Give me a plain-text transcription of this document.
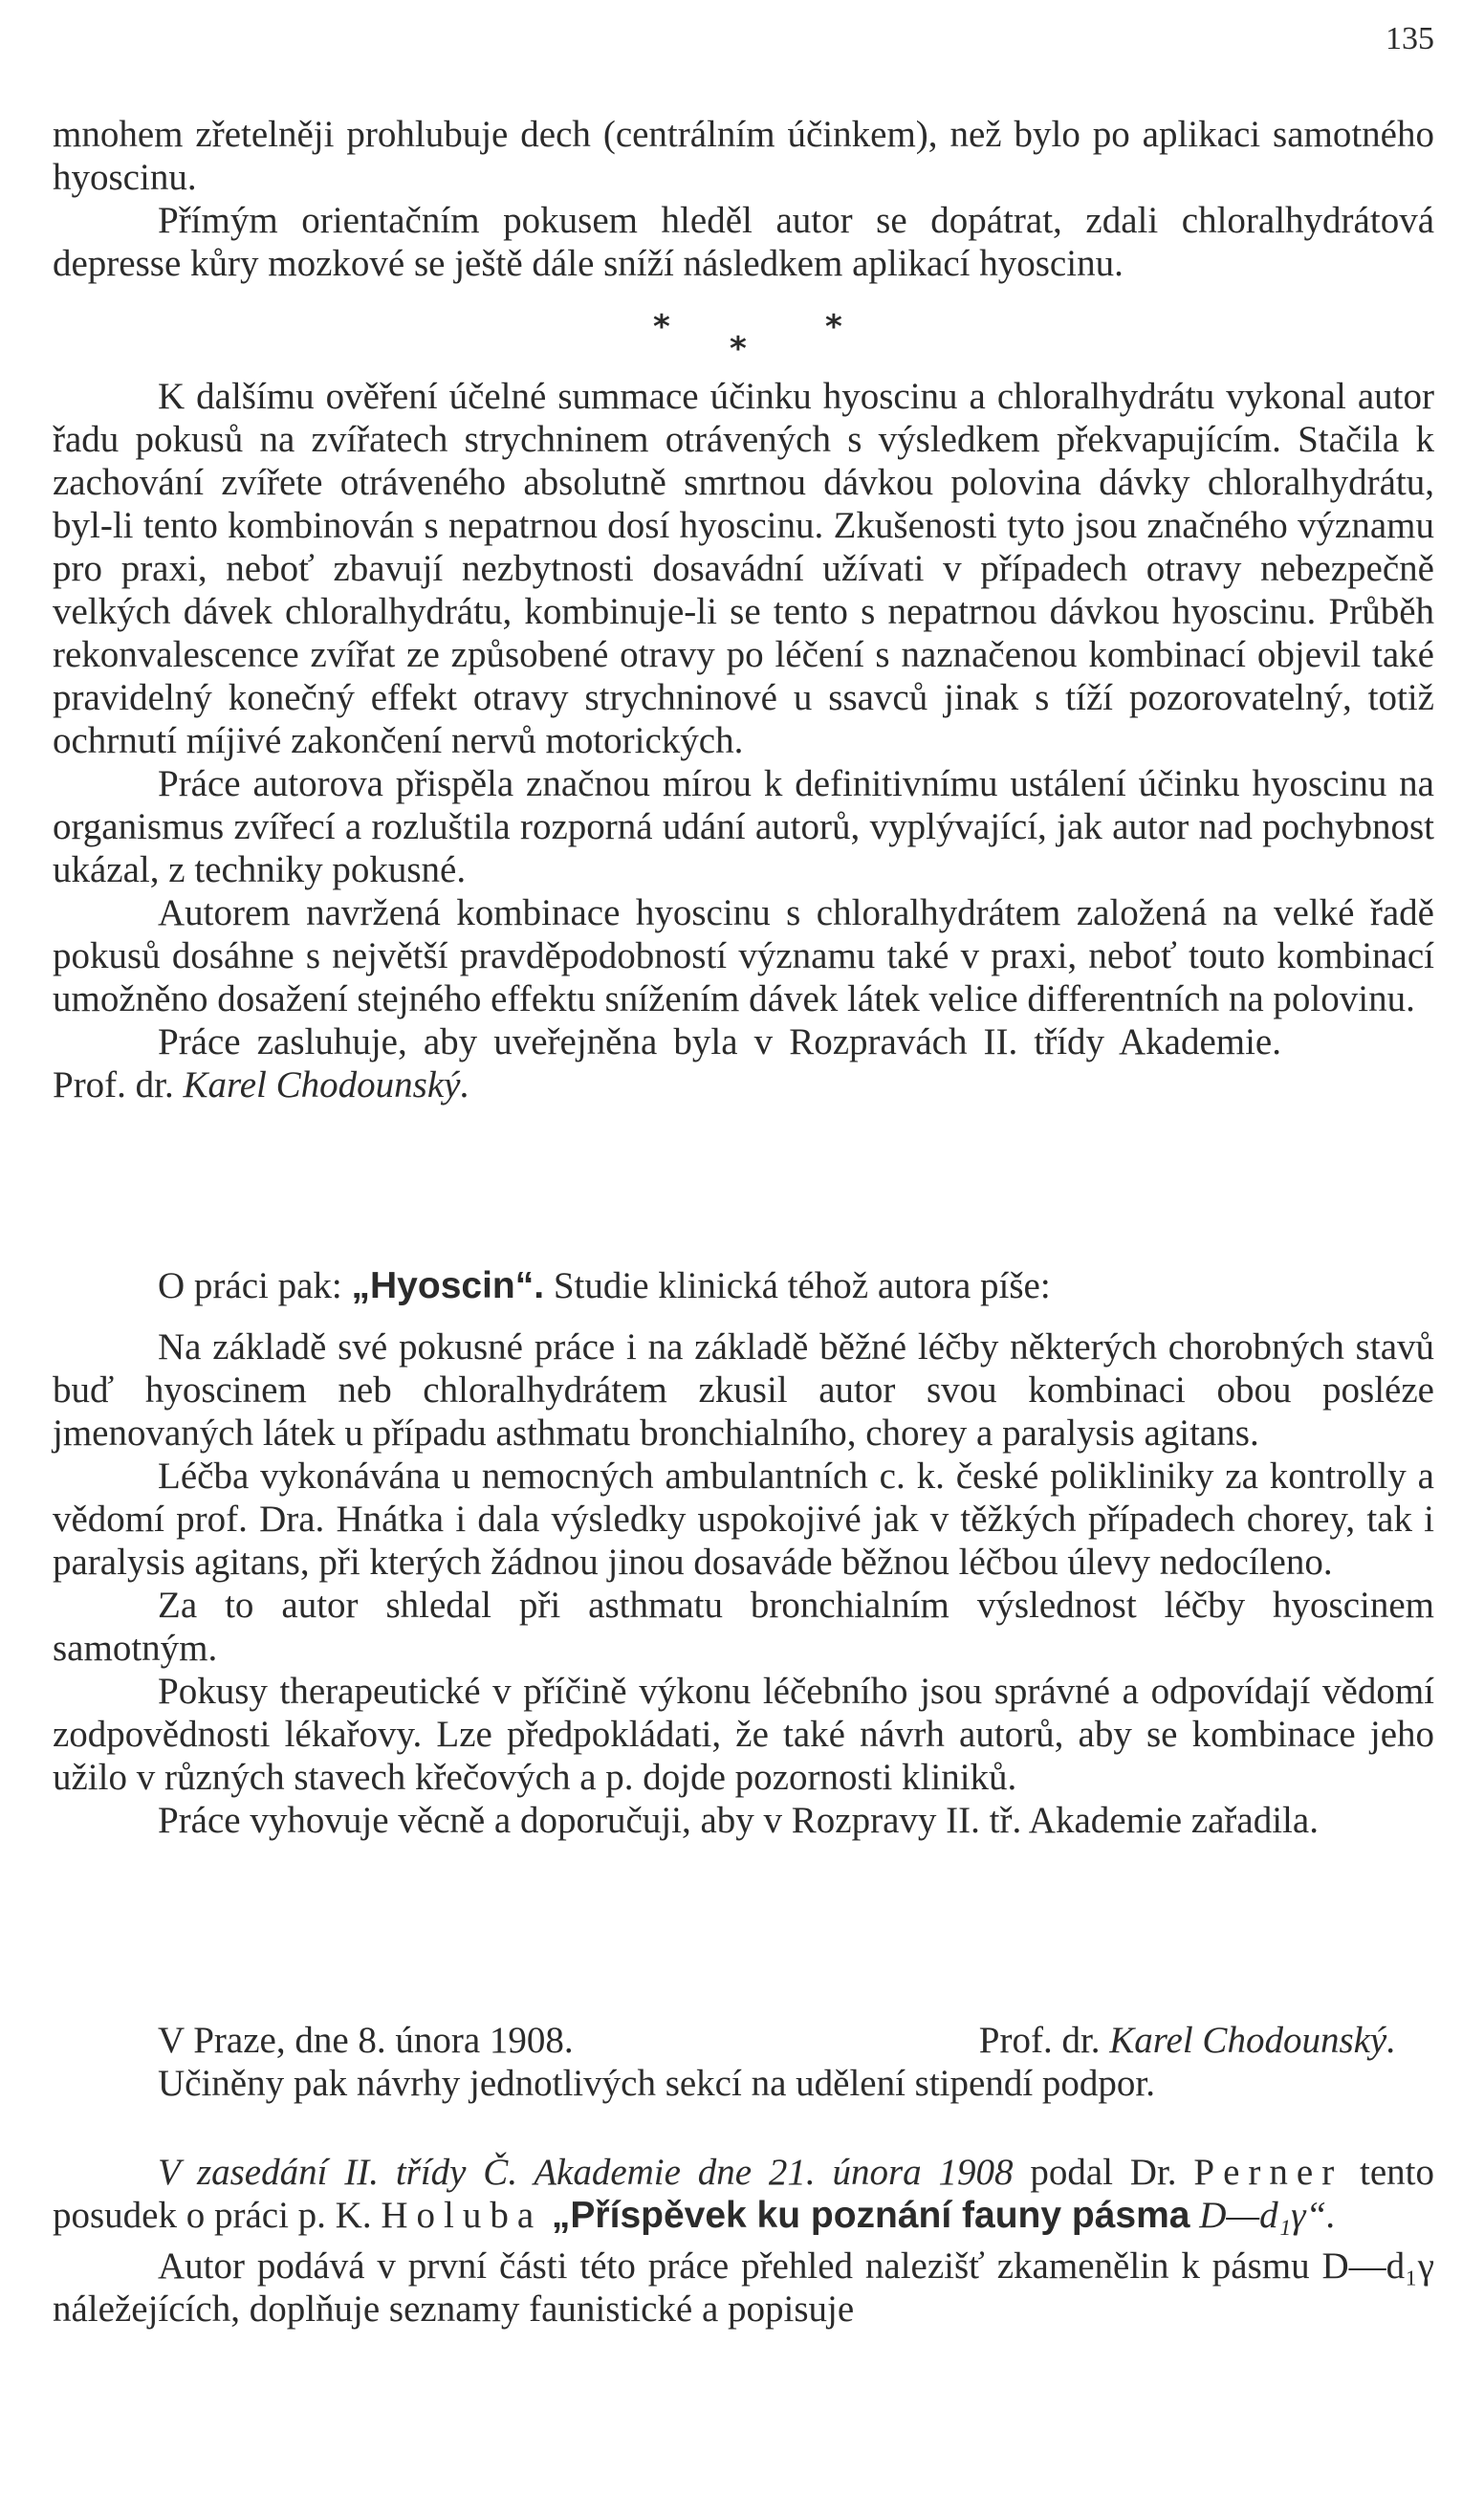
135

mnohem zřetelněji prohlubuje dech (centrálním účinkem), než bylo po aplikaci samotného hyoscinu.

Přímým orientačním pokusem hleděl autor se dopátrat, zdali chloralhydrátová depresse kůry mozkové se ještě dále sníží následkem aplikací hyoscinu.

*
*
*

K dalšímu ověření účelné summace účinku hyoscinu a chloralhydrátu vykonal autor řadu pokusů na zvířatech strychninem otrávených s výsledkem překvapujícím. Stačila k zachování zvířete otráveného absolutně smrtnou dávkou polovina dávky chloralhydrátu, byl-li tento kombinován s nepatrnou dosí hyoscinu. Zkušenosti tyto jsou značného významu pro praxi, neboť zbavují nezbytnosti dosavádní užívati v případech otravy nebezpečně velkých dávek chloralhydrátu, kombinuje-li se tento s nepatrnou dávkou hyoscinu. Průběh rekonvalescence zvířat ze způsobené otravy po léčení s naznačenou kombinací objevil také pravidelný konečný effekt otravy strychninové u ssavců jinak s tíží pozorovatelný, totiž ochrnutí míjivé zakončení nervů motorických.

Práce autorova přispěla značnou mírou k definitivnímu ustálení účinku hyoscinu na organismus zvířecí a rozluštila rozporná udání autorů, vyplývající, jak autor nad pochybnost ukázal, z techniky pokusné.

Autorem navržená kombinace hyoscinu s chloralhydrátem založená na velké řadě pokusů dosáhne s největší pravděpodobností významu také v praxi, neboť touto kombinací umožněno dosažení stejného effektu snížením dávek látek velice differentních na polovinu.

Práce zasluhuje, aby uveřejněna byla v Rozpravách II. třídy Akademie.Prof. dr. Karel Chodounský.

O práci pak: „Hyoscin“. Studie klinická téhož autora píše:

Na základě své pokusné práce i na základě běžné léčby některých chorobných stavů buď hyoscinem neb chloralhydrátem zkusil autor svou kombinaci obou posléze jmenovaných látek u případu asthmatu bronchialního, chorey a paralysis agitans.

Léčba vykonávána u nemocných ambulantních c. k. české polikliniky za kontrolly a vědomí prof. Dra. Hnátka i dala výsledky uspokojivé jak v těžkých případech chorey, tak i paralysis agitans, při kterých žádnou jinou dosaváde běžnou léčbou úlevy nedocíleno.

Za to autor shledal při asthmatu bronchialním výslednost léčby hyoscinem samotným.

Pokusy therapeutické v příčině výkonu léčebního jsou správné a odpovídají vědomí zodpovědnosti lékařovy. Lze předpokládati, že také návrh autorů, aby se kombinace jeho užilo v různých stavech křečových a p. dojde pozornosti kliniků.

Práce vyhovuje věcně a doporučuji, aby v Rozpravy II. tř. Akademie zařadila.

V Praze, dne 8. února 1908.	Prof. dr. Karel Chodounský.

Učiněny pak návrhy jednotlivých sekcí na udělení stipendí podpor.

V zasedání II. třídy Č. Akademie dne 21. února 1908 podal Dr. Perner tento posudek o práci p. K. Holuba „Příspěvek ku poznání fauny pásma D—d₁γ“.

Autor podává v první části této práce přehled nalezišť zkamenělin k pásmu D—d₁γ náležejících, doplňuje seznamy faunistické a popisuje
